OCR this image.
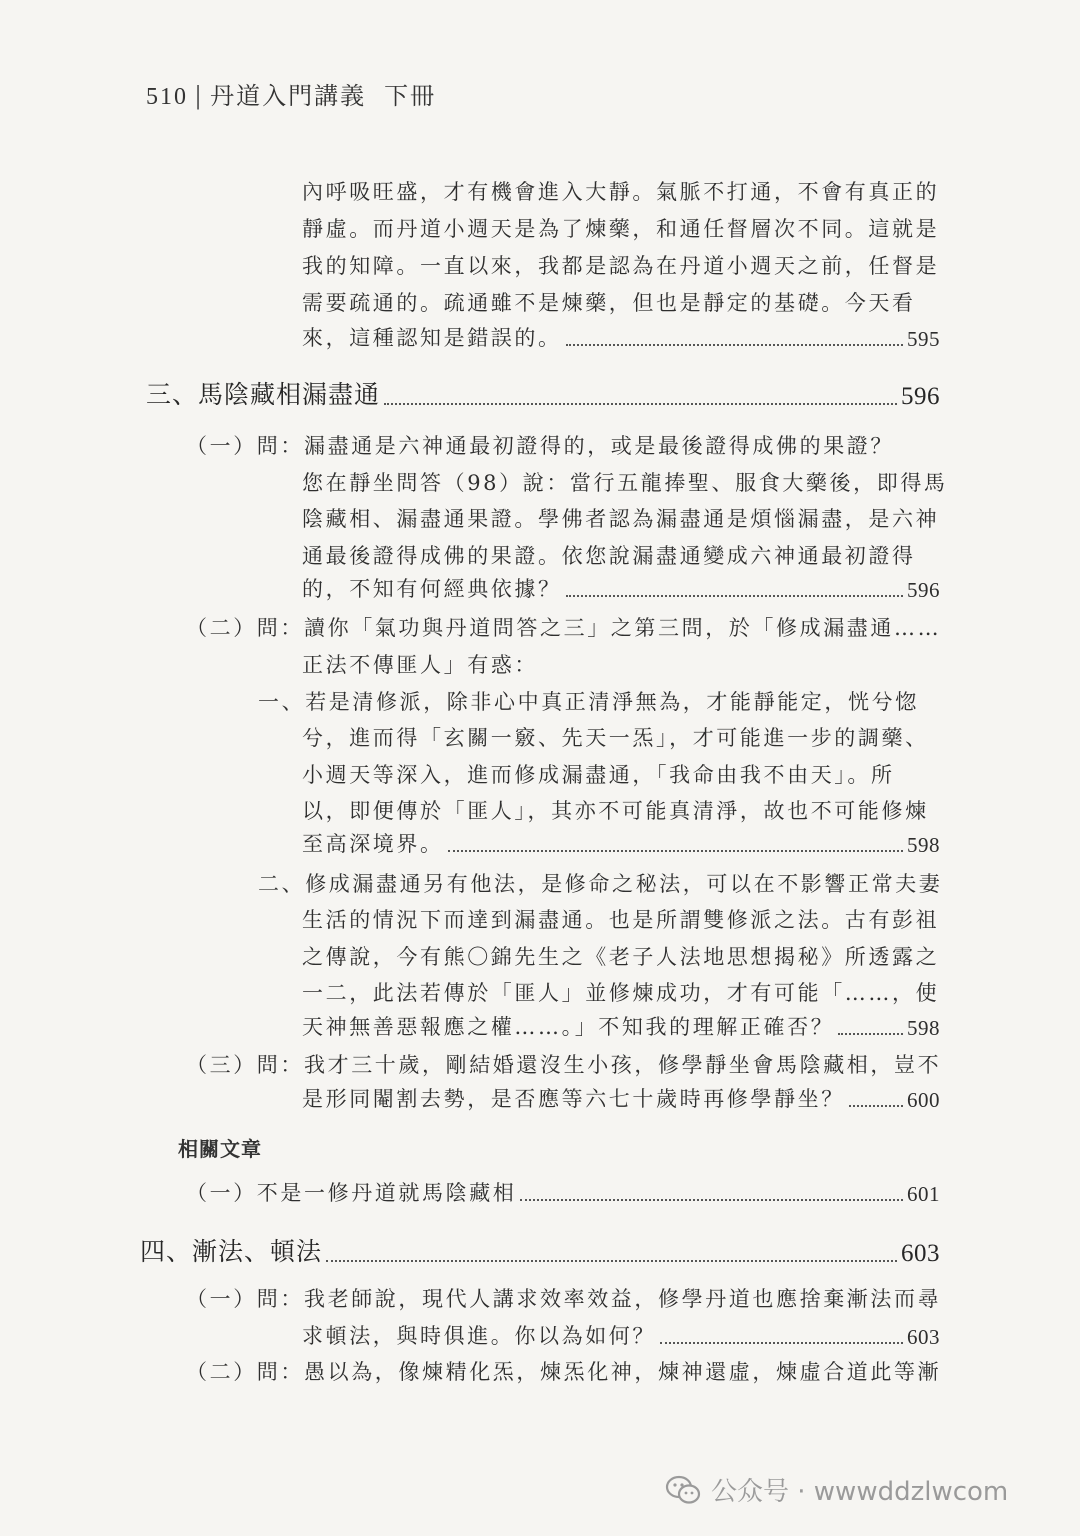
510 | 丹道入門講義 下冊
內呼吸旺盛，才有機會進入大靜。氣脈不打通，不會有真正的
靜虛。而丹道小週天是為了煉藥，和通任督層次不同。這就是
我的知障。一直以來，我都是認為在丹道小週天之前，任督是
需要疏通的。疏通雖不是煉藥，但也是靜定的基礎。今天看
來，這種認知是錯誤的。	595
三、馬陰藏相漏盡通	596
（一）問：漏盡通是六神通最初證得的，或是最後證得成佛的果證？
您在靜坐問答（98）說：當行五龍捧聖、服食大藥後，即得馬
陰藏相、漏盡通果證。學佛者認為漏盡通是煩惱漏盡，是六神
通最後證得成佛的果證。依您說漏盡通變成六神通最初證得
的，不知有何經典依據？	596
（二）問：讀你「氣功與丹道問答之三」之第三問，於「修成漏盡通……
正法不傳匪人」有惑：
一、若是清修派，除非心中真正清淨無為，才能靜能定，恍兮惚
兮，進而得「玄關一竅、先天一炁」，才可能進一步的調藥、
小週天等深入，進而修成漏盡通，「我命由我不由天」。所
以，即便傳於「匪人」，其亦不可能真清淨，故也不可能修煉
至高深境界。	598
二、修成漏盡通另有他法，是修命之秘法，可以在不影響正常夫妻
生活的情況下而達到漏盡通。也是所謂雙修派之法。古有彭祖
之傳說，今有熊〇錦先生之《老子人法地思想揭秘》所透露之
一二，此法若傳於「匪人」並修煉成功，才有可能「……，使
天神無善惡報應之權……。」不知我的理解正確否？	598
（三）問：我才三十歲，剛結婚還沒生小孩，修學靜坐會馬陰藏相，豈不
是形同閹割去勢，是否應等六七十歲時再修學靜坐？	600
相關文章
（一）不是一修丹道就馬陰藏相	601
四、漸法、頓法	603
（一）問：我老師說，現代人講求效率效益，修學丹道也應捨棄漸法而尋
求頓法，與時俱進。你以為如何？	603
（二）問：愚以為，像煉精化炁，煉炁化神，煉神還虛，煉虛合道此等漸
公众号 · wwwddzlwcom
